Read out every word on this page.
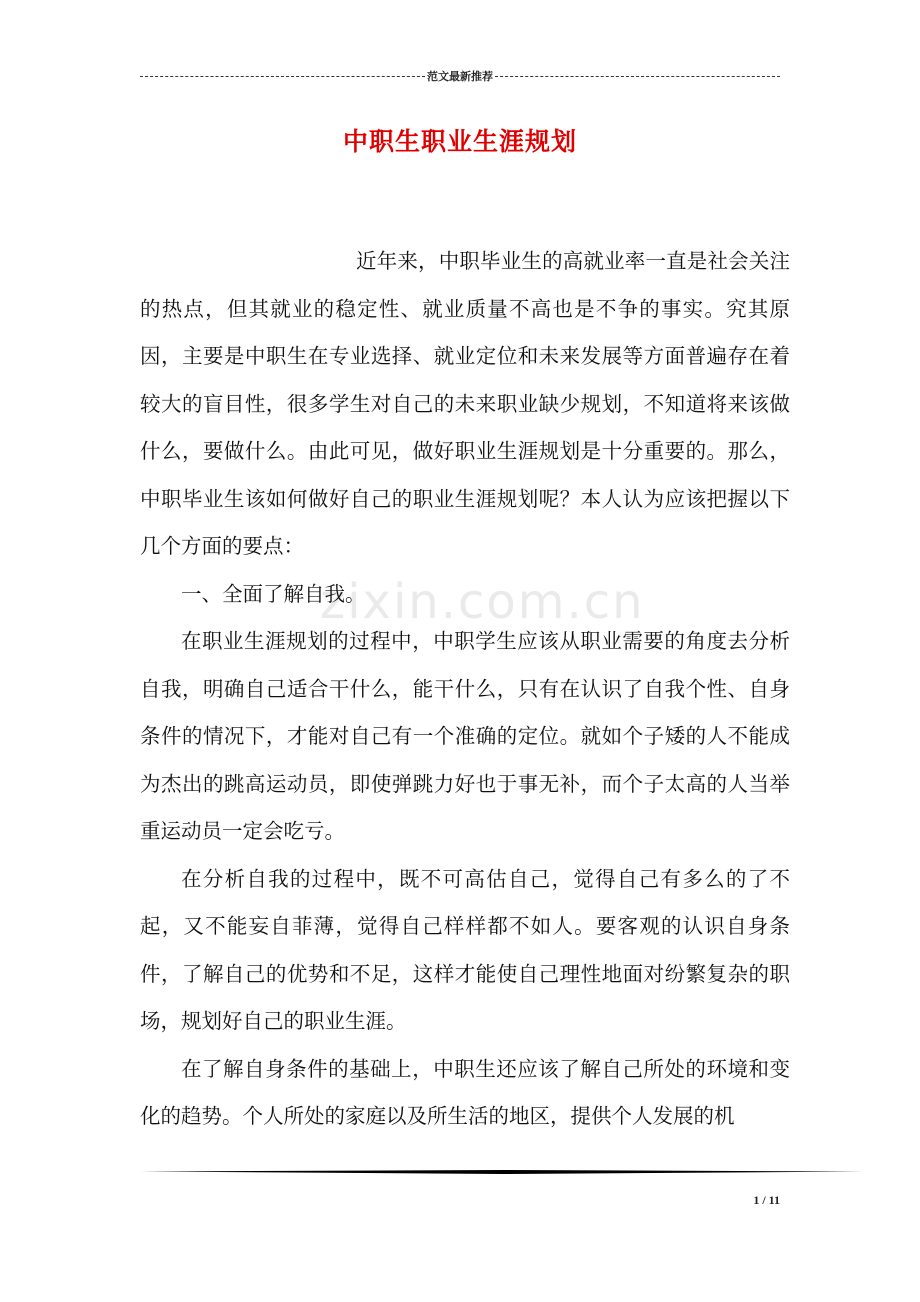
范文最新推荐
中职生职业生涯规划
zixin.com.cn

近年来，中职毕业生的高就业率一直是社会关注的热点，但其就业的稳定性、就业质量不高也是不争的事实。究其原因，主要是中职生在专业选择、就业定位和未来发展等方面普遍存在着较大的盲目性，很多学生对自己的未来职业缺少规划，不知道将来该做什么，要做什么。由此可见，做好职业生涯规划是十分重要的。那么，中职毕业生该如何做好自己的职业生涯规划呢？本人认为应该把握以下几个方面的要点：

一、全面了解自我。

在职业生涯规划的过程中，中职学生应该从职业需要的角度去分析自我，明确自己适合干什么，能干什么，只有在认识了自我个性、自身条件的情况下，才能对自己有一个准确的定位。就如个子矮的人不能成为杰出的跳高运动员，即使弹跳力好也于事无补，而个子太高的人当举重运动员一定会吃亏。

在分析自我的过程中，既不可高估自己，觉得自己有多么的了不起，又不能妄自菲薄，觉得自己样样都不如人。要客观的认识自身条件，了解自己的优势和不足，这样才能使自己理性地面对纷繁复杂的职场，规划好自己的职业生涯。

在了解自身条件的基础上，中职生还应该了解自己所处的环境和变化的趋势。个人所处的家庭以及所生活的地区，提供个人发展的机

1 / 11
